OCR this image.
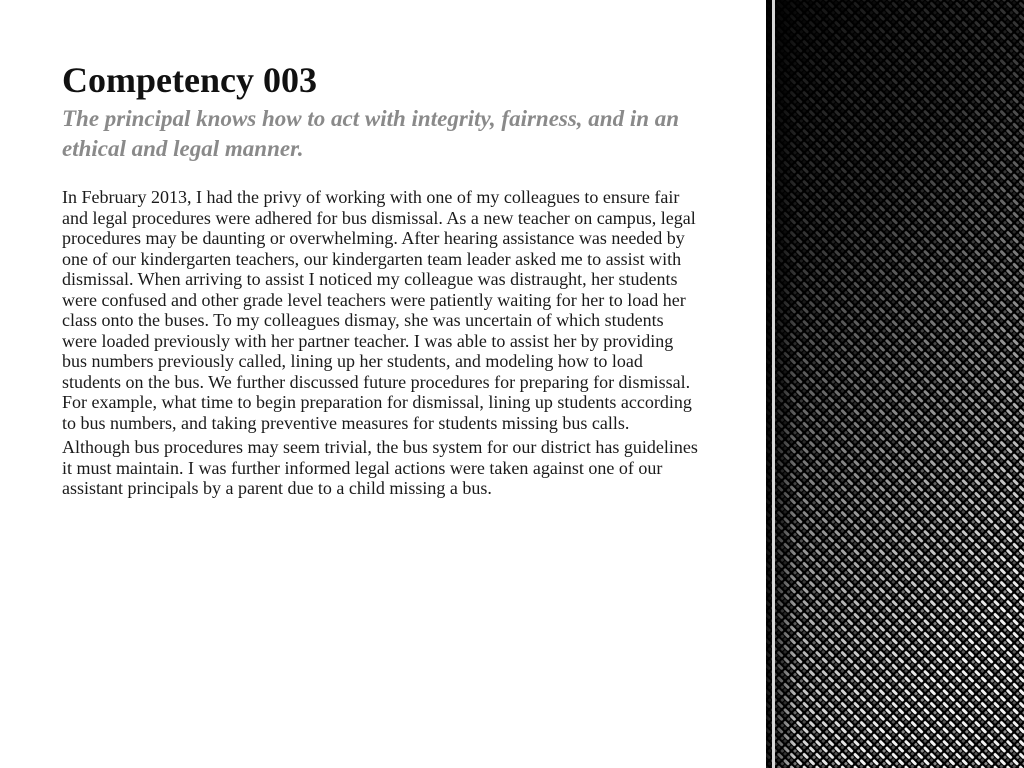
Competency 003
The principal knows how to act with integrity, fairness, and in an ethical and legal manner.

In February 2013, I had the privy of working with one of my colleagues to ensure fair and legal procedures were adhered for bus dismissal. As a new teacher on campus, legal procedures may be daunting or overwhelming. After hearing assistance was needed by one of our kindergarten teachers, our kindergarten team leader asked me to assist with dismissal. When arriving to assist I noticed my colleague was distraught, her students were confused and other grade level teachers were patiently waiting for her to load her class onto the buses. To my colleagues dismay, she was uncertain of which students were loaded previously with her partner teacher. I was able to assist her by providing bus numbers previously called, lining up her students, and modeling how to load students on the bus. We further discussed future procedures for preparing for dismissal. For example, what time to begin preparation for dismissal, lining up students according to bus numbers, and taking preventive measures for students missing bus calls.

Although bus procedures may seem trivial, the bus system for our district has guidelines it must maintain. I was further informed legal actions were taken against one of our assistant principals by a parent due to a child missing a bus.
